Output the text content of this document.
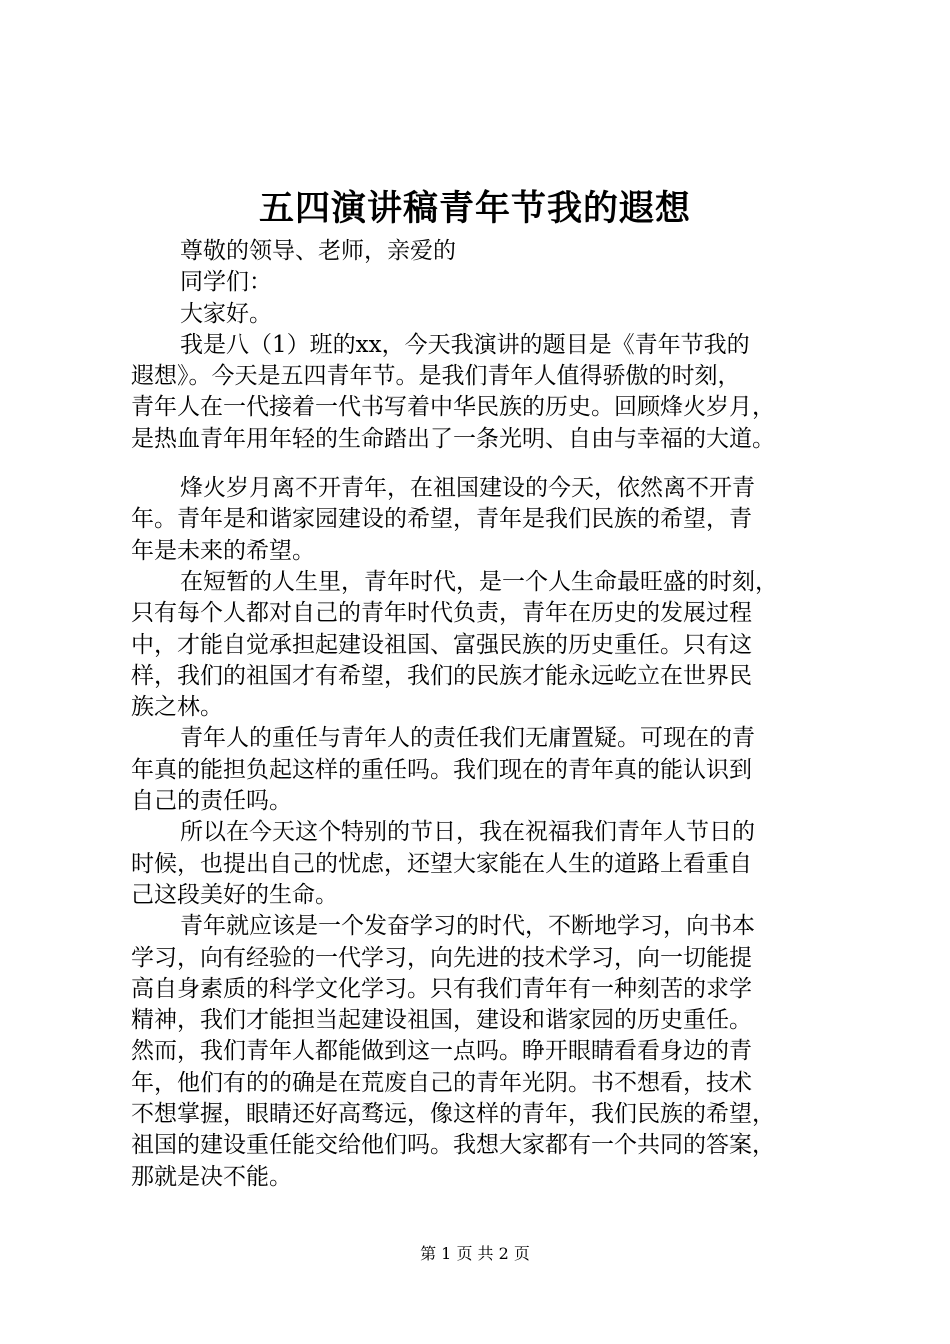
五四演讲稿青年节我的遐想
尊敬的领导、老师，亲爱的
同学们：
大家好。
我是八（1）班的xx，今天我演讲的题目是《青年节我的
遐想》。今天是五四青年节。是我们青年人值得骄傲的时刻，
青年人在一代接着一代书写着中华民族的历史。回顾烽火岁月，
是热血青年用年轻的生命踏出了一条光明、自由与幸福的大道。
烽火岁月离不开青年，在祖国建设的今天，依然离不开青
年。青年是和谐家园建设的希望，青年是我们民族的希望，青
年是未来的希望。
在短暂的人生里，青年时代，是一个人生命最旺盛的时刻，
只有每个人都对自己的青年时代负责，青年在历史的发展过程
中，才能自觉承担起建设祖国、富强民族的历史重任。只有这
样，我们的祖国才有希望，我们的民族才能永远屹立在世界民
族之林。
青年人的重任与青年人的责任我们无庸置疑。可现在的青
年真的能担负起这样的重任吗。我们现在的青年真的能认识到
自己的责任吗。
所以在今天这个特别的节日，我在祝福我们青年人节日的
时候，也提出自己的忧虑，还望大家能在人生的道路上看重自
己这段美好的生命。
青年就应该是一个发奋学习的时代，不断地学习，向书本
学习，向有经验的一代学习，向先进的技术学习，向一切能提
高自身素质的科学文化学习。只有我们青年有一种刻苦的求学
精神，我们才能担当起建设祖国，建设和谐家园的历史重任。
然而，我们青年人都能做到这一点吗。睁开眼睛看看身边的青
年，他们有的的确是在荒废自己的青年光阴。书不想看，技术
不想掌握，眼睛还好高骛远，像这样的青年，我们民族的希望，
祖国的建设重任能交给他们吗。我想大家都有一个共同的答案，
那就是决不能。
第 1 页 共 2 页
